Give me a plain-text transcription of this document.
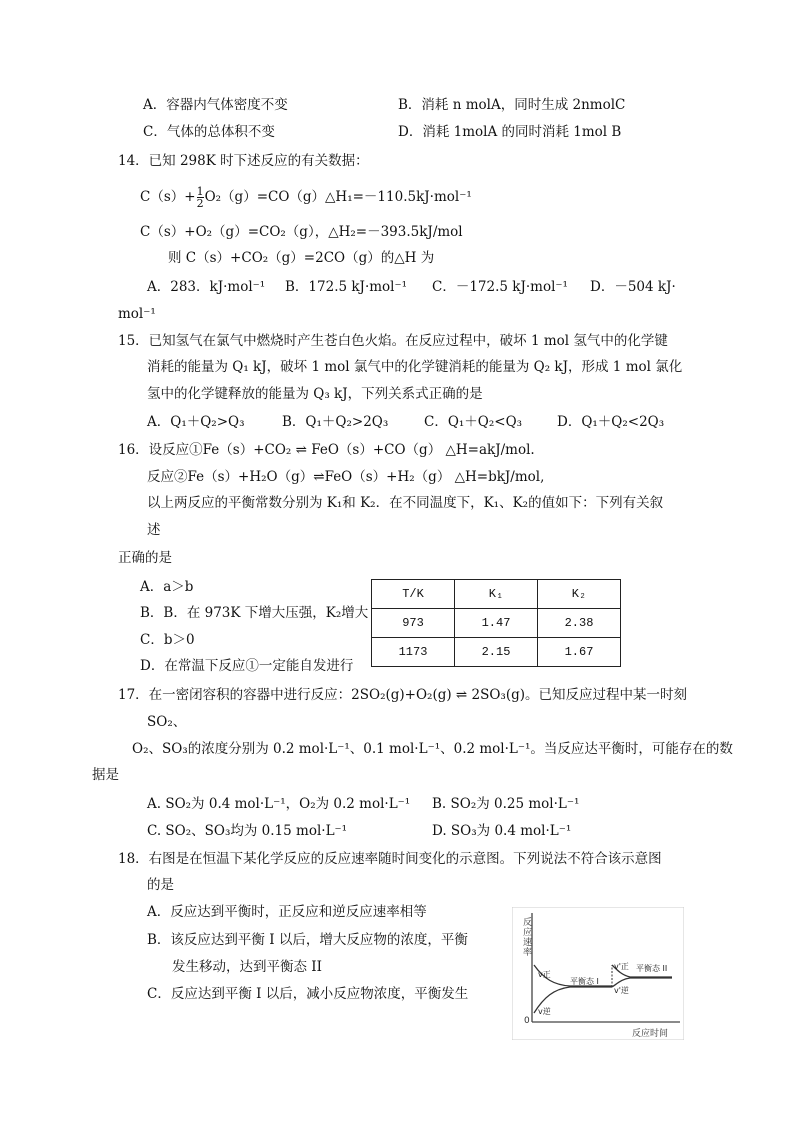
A．容器内气体密度不变	B．消耗 n molA，同时生成 2nmolC
C．气体的总体积不变	D．消耗 1molA 的同时消耗 1mol B
14．已知 298K 时下述反应的有关数据：
$C(s)+ \frac{1}{2}$ O₂（g）=CO（g）△H₁=－110.5kJ·mol⁻¹
C（s）+O₂（g）=CO₂（g），△H₂=－393.5kJ/mol
则 C（s）+CO₂（g）=2CO（g）的△H 为
A．283．kJ·mol⁻¹ B．172.5 kJ·mol⁻¹ C．－172.5 kJ·mol⁻¹ D．－504 kJ·
mol⁻¹
15．已知氢气在氯气中燃烧时产生苍白色火焰。在反应过程中，破坏 1 mol 氢气中的化学键
消耗的能量为 Q₁ kJ，破坏 1 mol 氯气中的化学键消耗的能量为 Q₂ kJ，形成 1 mol 氯化
氢中的化学键释放的能量为 Q₃ kJ，下列关系式正确的是
A．Q₁＋Q₂>Q₃	B．Q₁＋Q₂>2Q₃	C．Q₁＋Q₂<Q₃	D．Q₁＋Q₂<2Q₃
16．设反应①Fe（s）+CO₂ ⇌ FeO（s）+CO（g） △H=akJ/mol.
反应②Fe（s）+H₂O（g）⇌FeO（s）+H₂（g） △H=bkJ/mol,
以上两反应的平衡常数分别为 K₁和 K₂．在不同温度下，K₁、K₂的值如下：下列有关叙
述
正确的是
A．a＞b
B．B．在 973K 下增大压强，K₂增大
C．b＞0
D．在常温下反应①一定能自发进行
T/K	K₁	K₂
973	1.47	2.38
1173	2.15	1.67
17．在一密闭容积的容器中进行反应：2SO₂(g)+O₂(g) ⇌ 2SO₃(g)。已知反应过程中某一时刻
SO₂、
O₂、SO₃的浓度分别为 0.2 mol·L⁻¹、0.1 mol·L⁻¹、0.2 mol·L⁻¹。当反应达平衡时，可能存在的数
据是
A. SO₂为 0.4 mol·L⁻¹，O₂为 0.2 mol·L⁻¹ B. SO₂为 0.25 mol·L⁻¹
C. SO₂、SO₃均为 0.15 mol·L⁻¹	D. SO₃为 0.4 mol·L⁻¹
18．右图是在恒温下某化学反应的反应速率随时间变化的示意图。下列说法不符合该示意图
的是
A．反应达到平衡时，正反应和逆反应速率相等
B．该反应达到平衡 I 以后，增大反应物的浓度，平衡
发生移动，达到平衡态 II
C．反应达到平衡 I 以后，减小反应物浓度，平衡发生
反 应 速 率
反应时间
0
v正
v逆
平衡态 I
v'正
v'逆
平衡态 II
